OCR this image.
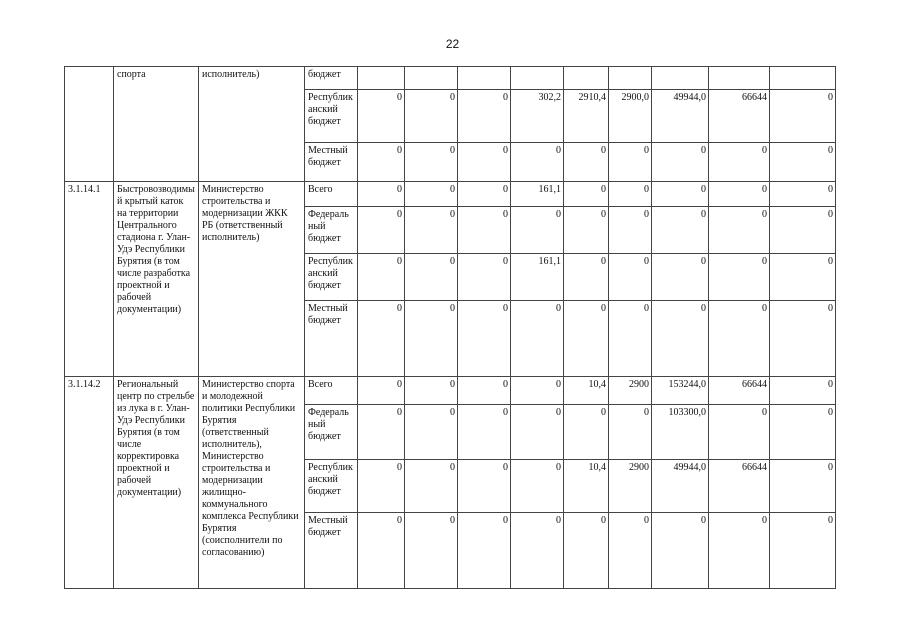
22
	спорта	исполнитель)	бюджет									
			Республиканский бюджет	0	0	0	302,2	2910,4	2900,0	49944,0	66644	0
			Местный бюджет	0	0	0	0	0	0	0	0	0
3.1.14.1	Быстровозводимый крытый каток на территории Центрального стадиона г. Улан-Удэ Республики Бурятия (в том числе разработка проектной и рабочей документации)	Министерство строительства и модернизации ЖКК РБ (ответственный исполнитель)	Всего	0	0	0	161,1	0	0	0	0	0
			Федеральный бюджет	0	0	0	0	0	0	0	0	0
			Республиканский бюджет	0	0	0	161,1	0	0	0	0	0
			Местный бюджет	0	0	0	0	0	0	0	0	0
3.1.14.2	Региональный центр по стрельбе из лука в г. Улан-Удэ Республики Бурятия (в том числе корректировка проектной и рабочей документации)	Министерство спорта и молодежной политики Республики Бурятия (ответственный исполнитель), Министерство строительства и модернизации жилищно-коммунального комплекса Республики Бурятия (соисполнители по согласованию)	Всего	0	0	0	0	10,4	2900	153244,0	66644	0
			Федеральный бюджет	0	0	0	0	0	0	103300,0	0	0
			Республиканский бюджет	0	0	0	0	10,4	2900	49944,0	66644	0
			Местный бюджет	0	0	0	0	0	0	0	0	0
